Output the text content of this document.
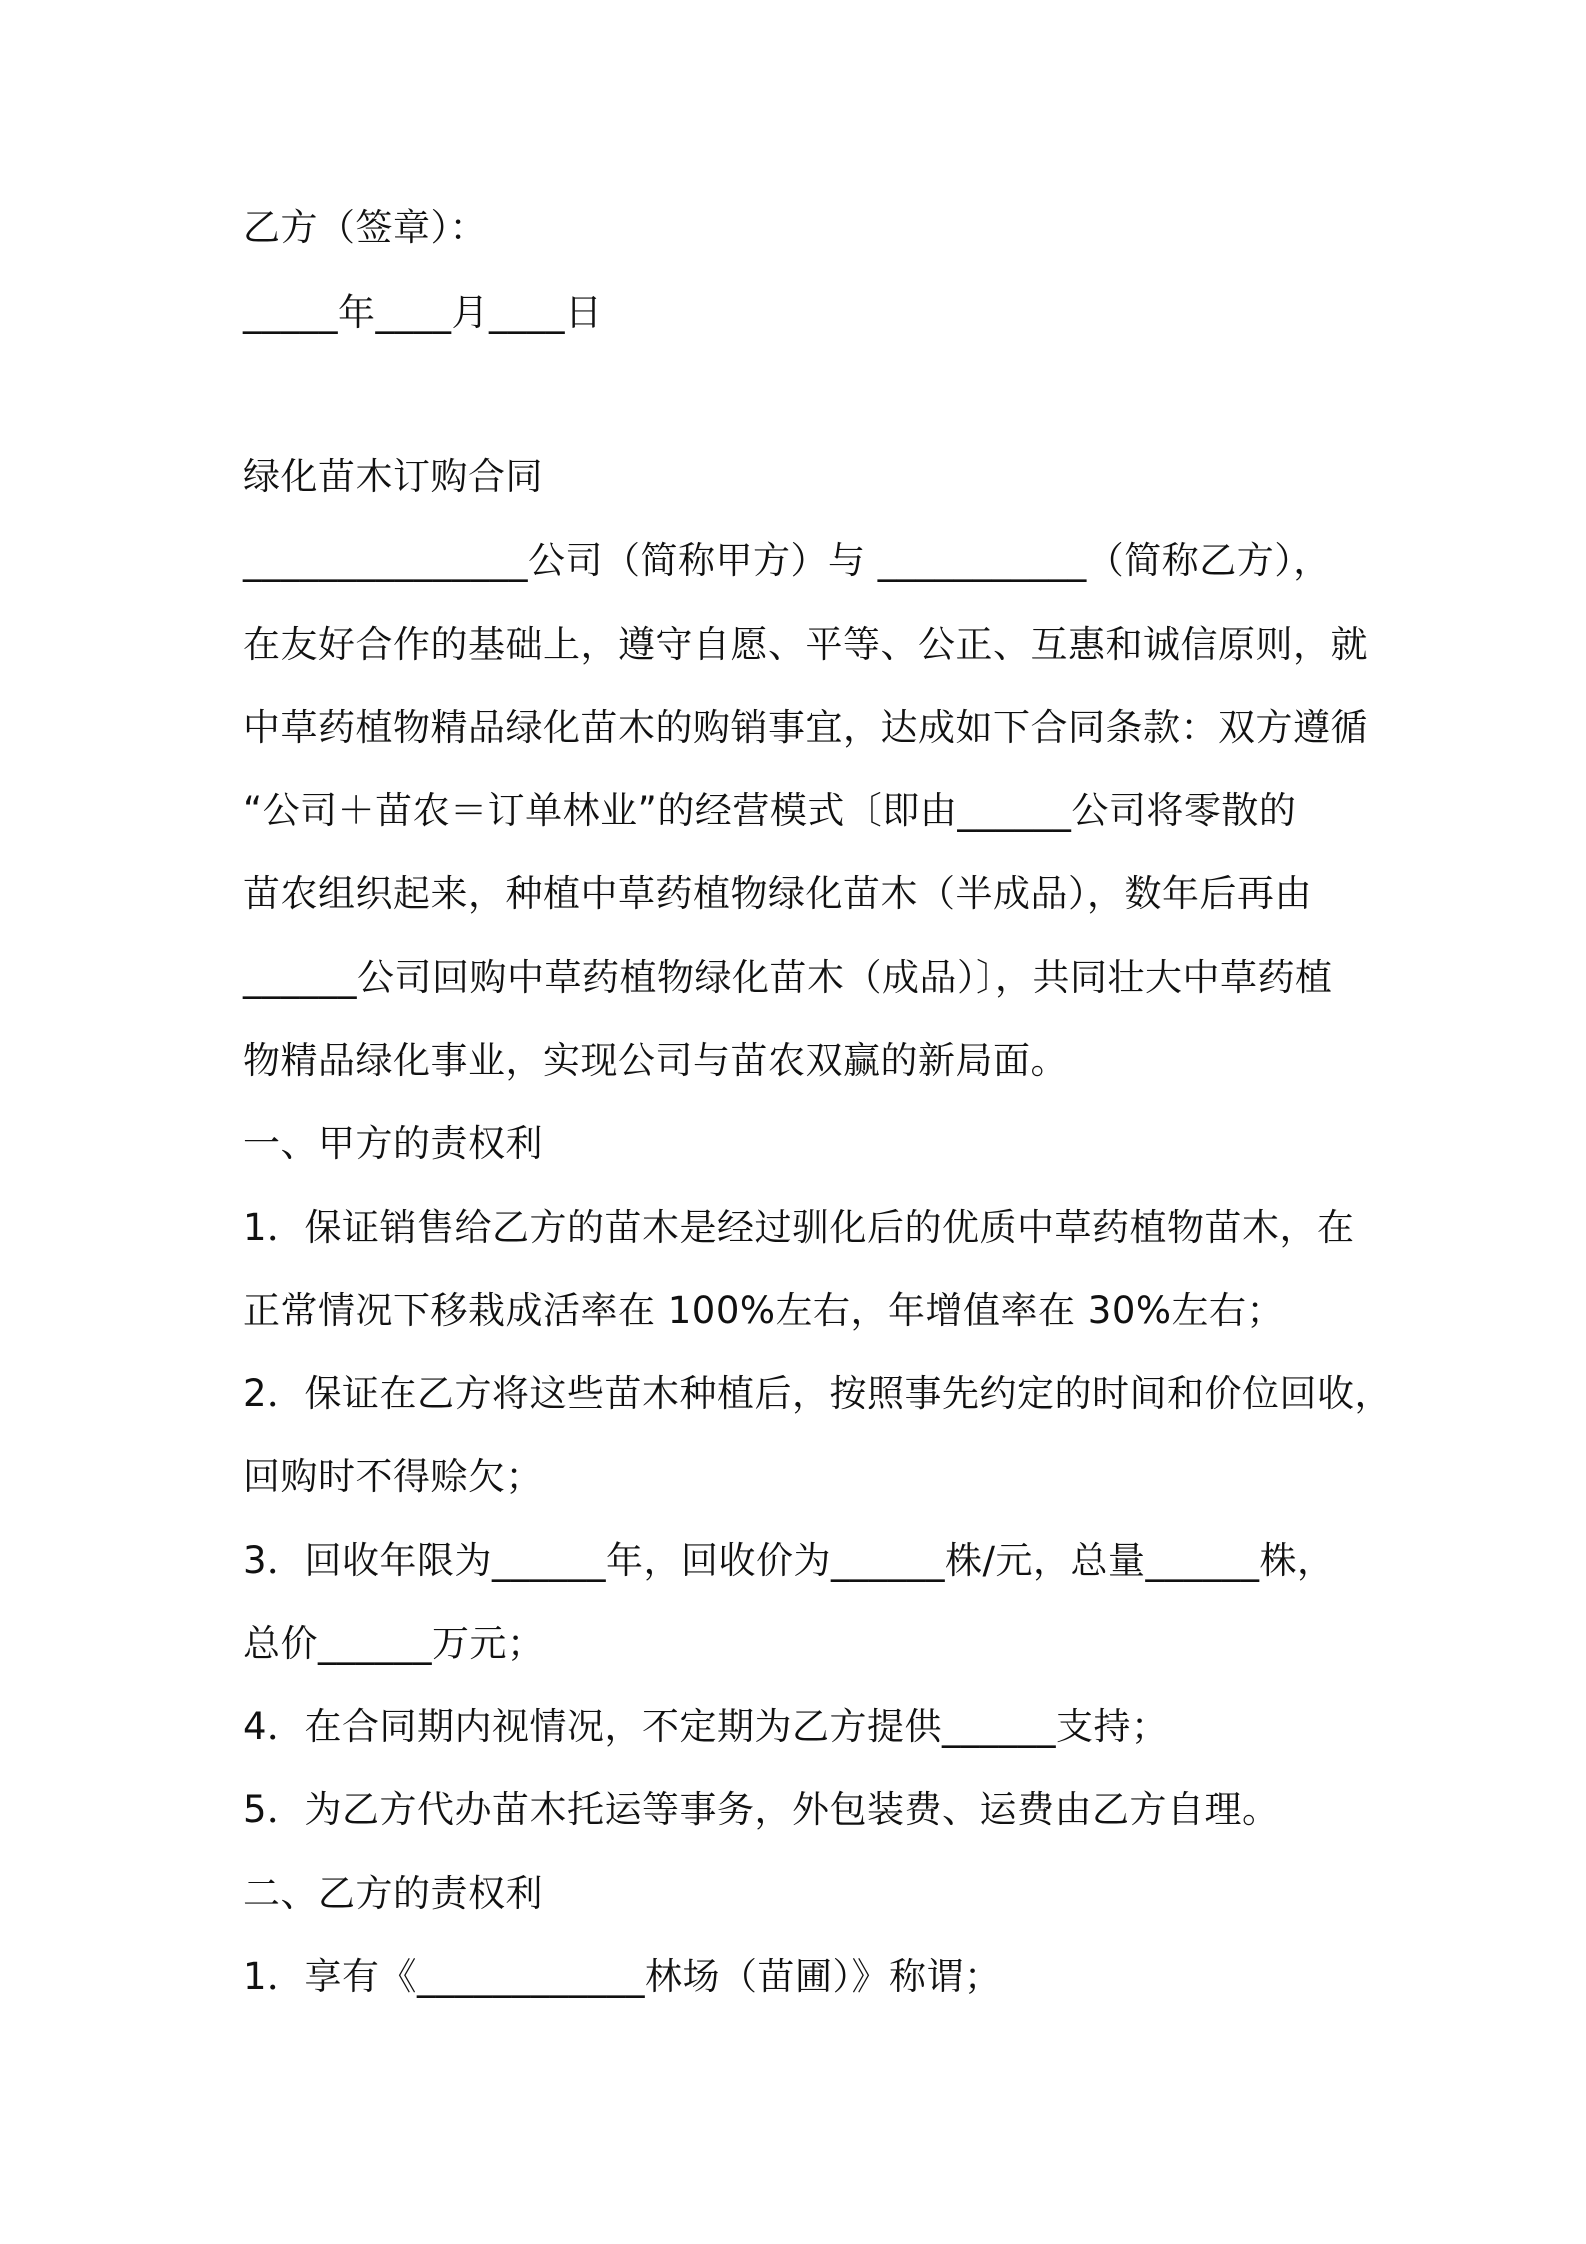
乙方（签章）：
_____年____月____日
绿化苗木订购合同
_______________公司（简称甲方）与 ___________（简称乙方），
在友好合作的基础上，遵守自愿、平等、公正、互惠和诚信原则，就
中草药植物精品绿化苗木的购销事宜，达成如下合同条款：双方遵循
“公司＋苗农＝订单林业”的经营模式〔即由______公司将零散的
苗农组织起来，种植中草药植物绿化苗木（半成品），数年后再由
______公司回购中草药植物绿化苗木（成品）〕，共同壮大中草药植
物精品绿化事业，实现公司与苗农双赢的新局面。
一、甲方的责权利
1．保证销售给乙方的苗木是经过驯化后的优质中草药植物苗木，在
正常情况下移栽成活率在 100%左右，年增值率在 30%左右；
2．保证在乙方将这些苗木种植后，按照事先约定的时间和价位回收，
回购时不得赊欠；
3．回收年限为______年，回收价为______株/元，总量______株，
总价______万元；
4．在合同期内视情况，不定期为乙方提供______支持；
5．为乙方代办苗木托运等事务，外包装费、运费由乙方自理。
二、乙方的责权利
1．享有《____________林场（苗圃）》称谓；
